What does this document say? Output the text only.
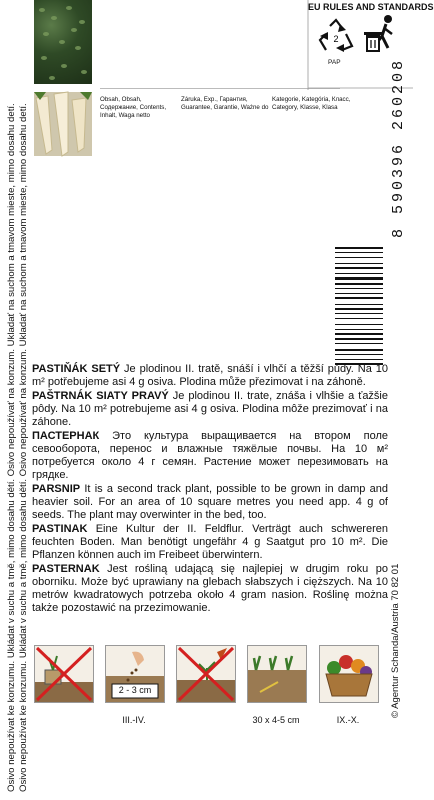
Osivo nepoužívat ke konzumu. Ukládat v suchu a tmě, mimo dosahu dětí. Osivo nepoužívať na konzum. Ukladať na suchom a tmavom mieste, mimo dosahu detí. Osivo nepoužívat ke konzumu. Ukládat v suchu a tmě, mimo dosahu dětí. Osivo nepoužívať na konzum. Ukladať na suchom a tmavom mieste, mimo dosahu detí.
Obsah, Obsah, Содержание, Contents, Inhalt, Waga netto
Záruka, Exp., Гарантия, Guarantee, Garantie, Ważne do
Kategorie, Kategória, Класс, Category, Klasse, Klasa
EU RULES AND STANDARDS
2
PAP	8 590396 260208

PASTIŇÁK SETÝ Je plodinou II. tratě, snáší i vlhčí a těžší půdy. Na 10 m² potřebujeme asi 4 g osiva. Plodina může přezimovat i na záhoně.

PAŠTRNÁK SIATY PRAVÝ Je plodinou II. trate, znáša i vlhšie a ťažšie pôdy. Na 10 m² potrebujeme asi 4 g osiva. Plodina môže prezimovať i na záhone.

ПАСТЕРНАК Это культура выращивается на втором поле севооборота, перенос и влажные тяжёлые почвы. На 10 м² потребуется около 4 г семян. Растение может перезимовать на грядке.

PARSNIP It is a second track plant, possible to be grown in damp and heavier soil. For an area of 10 square metres you need app. 4 g of seeds. The plant may overwinter in the bed, too.

PASTINAK Eine Kultur der II. Feldflur. Verträgt auch schwereren feuchten Boden. Man benötigt ungefähr 4 g Saatgut pro 10 m². Die Pflanzen können auch im Freibeet überwintern.

PASTERNAK Jest rośliną udającą się najlepiej w drugim roku po oborniku. Może być uprawiany na glebach słabszych i cięższych. Na 10 metrów kwadratowych potrzeba około 4 gram nasion. Roślinę można także pozostawić na przezimowanie.	© Agentur Schanda/Austria 70 82 01
2 - 3 cm
III.-IV.	30 x 4-5 cm	IX.-X.
